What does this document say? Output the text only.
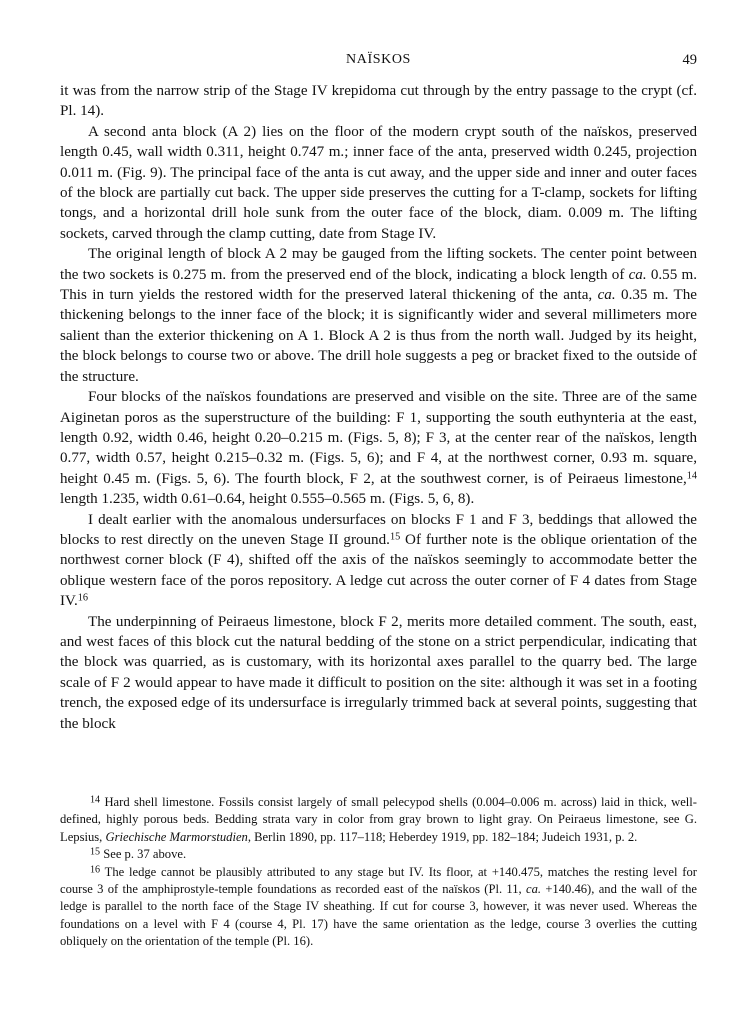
NAÏSKOS	49

it was from the narrow strip of the Stage IV krepidoma cut through by the entry passage to the crypt (cf. Pl. 14).

A second anta block (A 2) lies on the floor of the modern crypt south of the naïskos, preserved length 0.45, wall width 0.311, height 0.747 m.; inner face of the anta, preserved width 0.245, projection 0.011 m. (Fig. 9). The principal face of the anta is cut away, and the upper side and inner and outer faces of the block are partially cut back. The upper side preserves the cutting for a T-clamp, sockets for lifting tongs, and a horizontal drill hole sunk from the outer face of the block, diam. 0.009 m. The lifting sockets, carved through the clamp cutting, date from Stage IV.

The original length of block A 2 may be gauged from the lifting sockets. The center point between the two sockets is 0.275 m. from the preserved end of the block, indicating a block length of ca. 0.55 m. This in turn yields the restored width for the preserved lateral thickening of the anta, ca. 0.35 m. The thickening belongs to the inner face of the block; it is significantly wider and several millimeters more salient than the exterior thickening on A 1. Block A 2 is thus from the north wall. Judged by its height, the block belongs to course two or above. The drill hole suggests a peg or bracket fixed to the outside of the structure.

Four blocks of the naïskos foundations are preserved and visible on the site. Three are of the same Aiginetan poros as the superstructure of the building: F 1, supporting the south euthynteria at the east, length 0.92, width 0.46, height 0.20–0.215 m. (Figs. 5, 8); F 3, at the center rear of the naïskos, length 0.77, width 0.57, height 0.215–0.32 m. (Figs. 5, 6); and F 4, at the northwest corner, 0.93 m. square, height 0.45 m. (Figs. 5, 6). The fourth block, F 2, at the southwest corner, is of Peiraeus limestone,$^{14}$ length 1.235, width 0.61–0.64, height 0.555–0.565 m. (Figs. 5, 6, 8).

I dealt earlier with the anomalous undersurfaces on blocks F 1 and F 3, beddings that allowed the blocks to rest directly on the uneven Stage II ground.$^{15}$ Of further note is the oblique orientation of the northwest corner block (F 4), shifted off the axis of the naïskos seemingly to accommodate better the oblique western face of the poros repository. A ledge cut across the outer corner of F 4 dates from Stage IV.$^{16}$

The underpinning of Peiraeus limestone, block F 2, merits more detailed comment. The south, east, and west faces of this block cut the natural bedding of the stone on a strict perpendicular, indicating that the block was quarried, as is customary, with its horizontal axes parallel to the quarry bed. The large scale of F 2 would appear to have made it difficult to position on the site: although it was set in a footing trench, the exposed edge of its undersurface is irregularly trimmed back at several points, suggesting that the block

$^{14}$ Hard shell limestone. Fossils consist largely of small pelecypod shells (0.004–0.006 m. across) laid in thick, well-defined, highly porous beds. Bedding strata vary in color from gray brown to light gray. On Peiraeus limestone, see G. Lepsius, Griechische Marmorstudien, Berlin 1890, pp. 117–118; Heberdey 1919, pp. 182–184; Judeich 1931, p. 2.

$^{15}$ See p. 37 above.

$^{16}$ The ledge cannot be plausibly attributed to any stage but IV. Its floor, at +140.475, matches the resting level for course 3 of the amphiprostyle-temple foundations as recorded east of the naïskos (Pl. 11, ca. +140.46), and the wall of the ledge is parallel to the north face of the Stage IV sheathing. If cut for course 3, however, it was never used. Whereas the foundations on a level with F 4 (course 4, Pl. 17) have the same orientation as the ledge, course 3 overlies the cutting obliquely on the orientation of the temple (Pl. 16).
